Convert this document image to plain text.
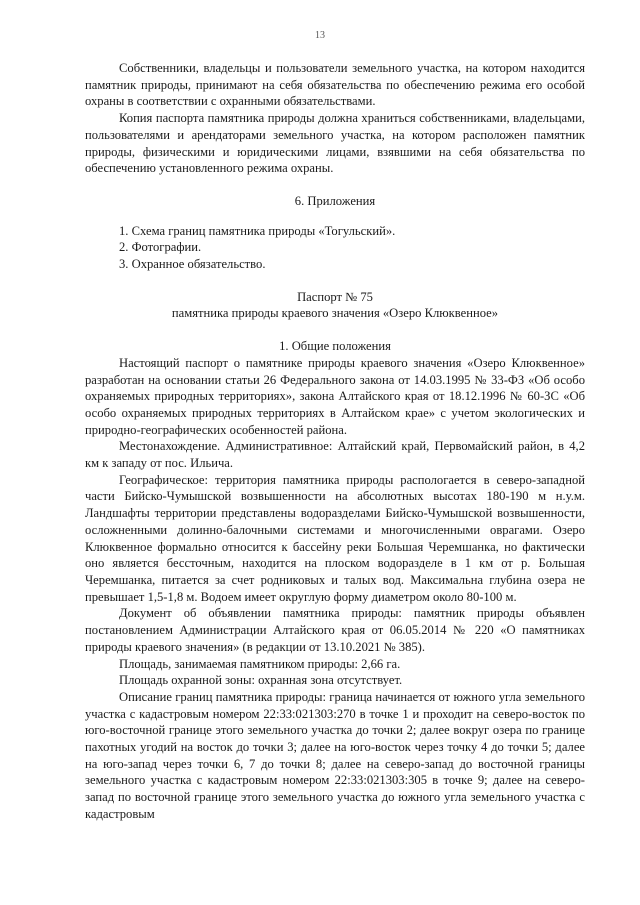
13

Собственники, владельцы и пользователи земельного участка, на котором находится памятник природы, принимают на себя обязательства по обеспечению режима его особой охраны в соответствии с охранными обязательствами.

Копия паспорта памятника природы должна храниться собственниками, владельцами, пользователями и арендаторами земельного участка, на котором расположен памятник природы, физическими и юридическими лицами, взявшими на себя обязательства по обеспечению установленного режима охраны.

6. Приложения
1. Схема границ памятника природы «Тогульский».
2. Фотографии.
3. Охранное обязательство.
Паспорт № 75
памятника природы краевого значения «Озеро Клюквенное»
1. Общие положения

Настоящий паспорт о памятнике природы краевого значения «Озеро Клюквенное» разработан на основании статьи 26 Федерального закона от 14.03.1995 № 33-ФЗ «Об особо охраняемых природных территориях», закона Алтайского края от 18.12.1996 № 60-ЗС «Об особо охраняемых природных территориях в Алтайском крае» с учетом экологических и природно-географических особенностей района.

Местонахождение. Административное: Алтайский край, Первомайский район, в 4,2 км к западу от пос. Ильича.

Географическое: территория памятника природы распологается в северо-западной части Бийско-Чумышской возвышенности на абсолютных высотах 180-190 м н.у.м. Ландшафты территории представлены водоразделами Бийско-Чумышской возвышенности, осложненными долинно-балочными системами и многочисленными оврагами. Озеро Клюквенное формально относится к бассейну реки Большая Черемшанка, но фактически оно является бессточным, находится на плоском водоразделе в 1 км от р. Большая Черемшанка, питается за счет родниковых и талых вод. Максимальна глубина озера не превышает 1,5-1,8 м. Водоем имеет округлую форму диаметром около 80-100 м.

Документ об объявлении памятника природы: памятник природы объявлен постановлением Администрации Алтайского края от 06.05.2014 № 220 «О памятниках природы краевого значения» (в редакции от 13.10.2021 № 385).

Площадь, занимаемая памятником природы: 2,66 га.

Площадь охранной зоны: охранная зона отсутствует.

Описание границ памятника природы: граница начинается от южного угла земельного участка с кадастровым номером 22:33:021303:270 в точке 1 и проходит на северо-восток по юго-восточной границе этого земельного участка до точки 2; далее вокруг озера по границе пахотных угодий на восток до точки 3; далее на юго-восток через точку 4 до точки 5; далее на юго-запад через точки 6, 7 до точки 8; далее на северо-запад до восточной границы земельного участка с кадастровым номером 22:33:021303:305 в точке 9; далее на северо-запад по восточной границе этого земельного участка до южного угла земельного участка с кадастровым
